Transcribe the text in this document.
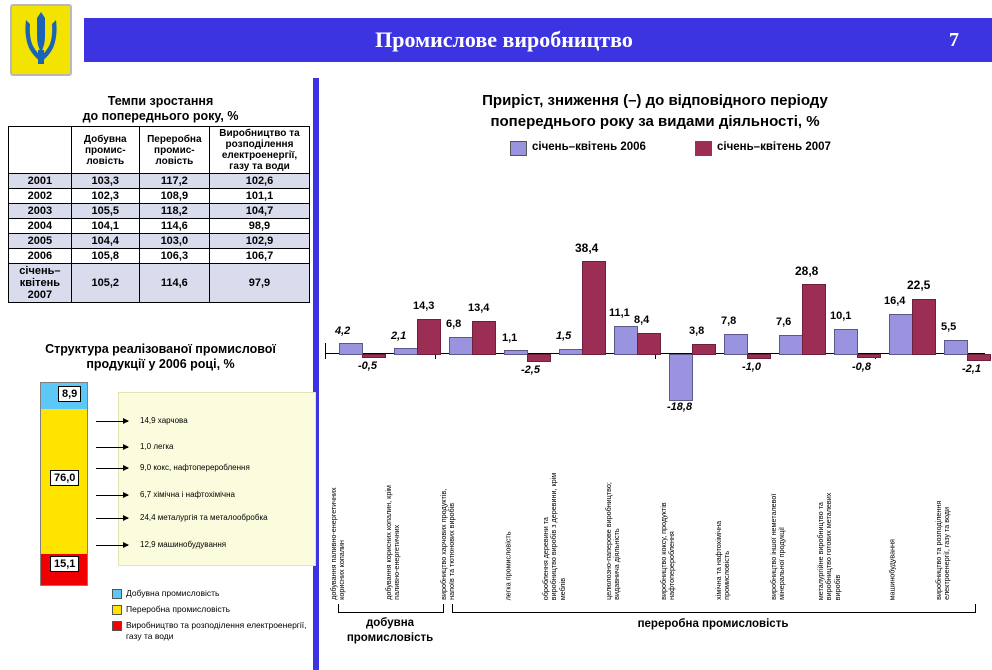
Промислове виробництво	7
Темпи зростання
до попереднього року, %
	Добувна промис-ловість	Переробна промис-ловість	Виробництво та розподілення електроенергії, газу та води
2001	103,3	117,2	102,6
2002	102,3	108,9	101,1
2003	105,5	118,2	104,7
2004	104,1	114,6	98,9
2005	104,4	103,0	102,9
2006	105,8	106,3	106,7
січень–квітень 2007	105,2	114,6	97,9
Структура реалізованої промислової
продукції у 2006 році, %
8,9
76,0
15,1
14,9 харчова
1,0 легка
9,0 кокс, нафтоперероблення
6,7 хімічна і нафтохімічна
24,4 металургія та металообробка
12,9 машинобудування
Добувна промисловість
Переробна промисловість
Виробництво та розподілення електроенергії, газу та води
Приріст, зниження (–) до відповідного періоду
попереднього року за видами діяльності, %
січень–квітень 2006	січень–квітень 2007
4,2
-0,5
2,1
14,3
6,8
13,4
1,1
-2,5
1,5
38,4
11,1
8,4
-18,8
3,8
7,8
-1,0
7,6
28,8
10,1
-0,8
16,4
22,5
5,5
-2,1
добування паливно-енергетичних корисних копалин	добування корисних копалин, крім паливно-енергетичних	виробництво харчових продуктів, напоїв та тютюнових виробів	легка промисловість	оброблення деревини та виробництво виробів з деревини, крім меблів	целюлозно-паперове виробництво; видавнича діяльність	виробництво коксу, продуктів нафтоперероблення	хімічна та нафтохімічна промисловість	виробництво іншої неметалевої мінеральної продукції	металургійне виробництво та виробництво готових металевих виробів	машинобудування	виробництво та розподілення електроенергії, газу та води
добувна
промисловість
переробна промисловість
